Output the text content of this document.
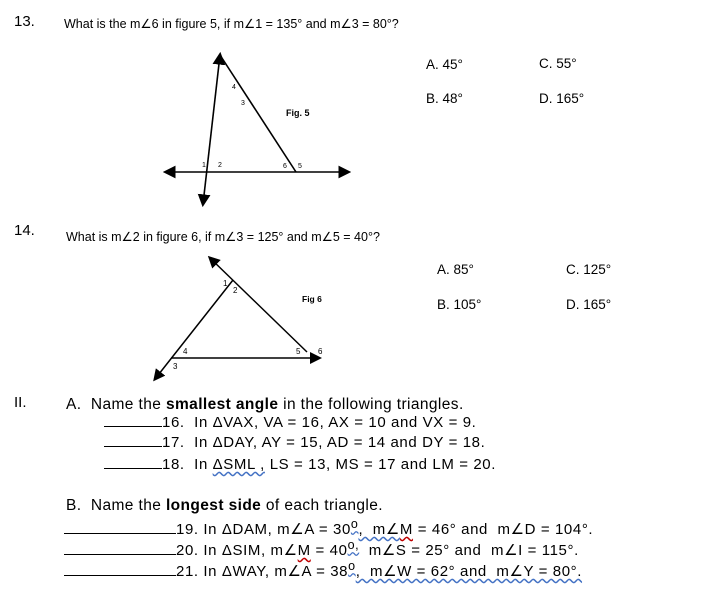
13. What is the m∠6 in figure 5, if m∠1 = 135° and m∠3 = 80°?
4
3
1 2	6 5
Fig. 5
A. 45°	C. 55°
B. 48°	D. 165°
14. What is m∠2 in figure 6, if m∠3 = 125° and m∠5 = 40°?
1
2
3
4	5 6
Fig 6
A. 85°	C. 125°
B. 105°	D. 165°
II.	A.  Name the smallest angle in the following triangles.
16.  In ΔVAX, VA = 16, AX = 10 and VX = 9.
17.  In ΔDAY, AY = 15, AD = 14 and DY = 18.
18.  In ΔSML , LS = 13, MS = 17 and LM = 20.
B.  Name the longest side of each triangle.
19. In ΔDAM, m∠A = $30^o$,  m∠M = 46° and  m∠D = 104°.
20. In ΔSIM, m∠M = $40^{o,}$  m∠S = 25° and  m∠I = 115°.
21. In ΔWAY, m∠A = $38^o$,  m∠W = 62° and  m∠Y = 80°.
